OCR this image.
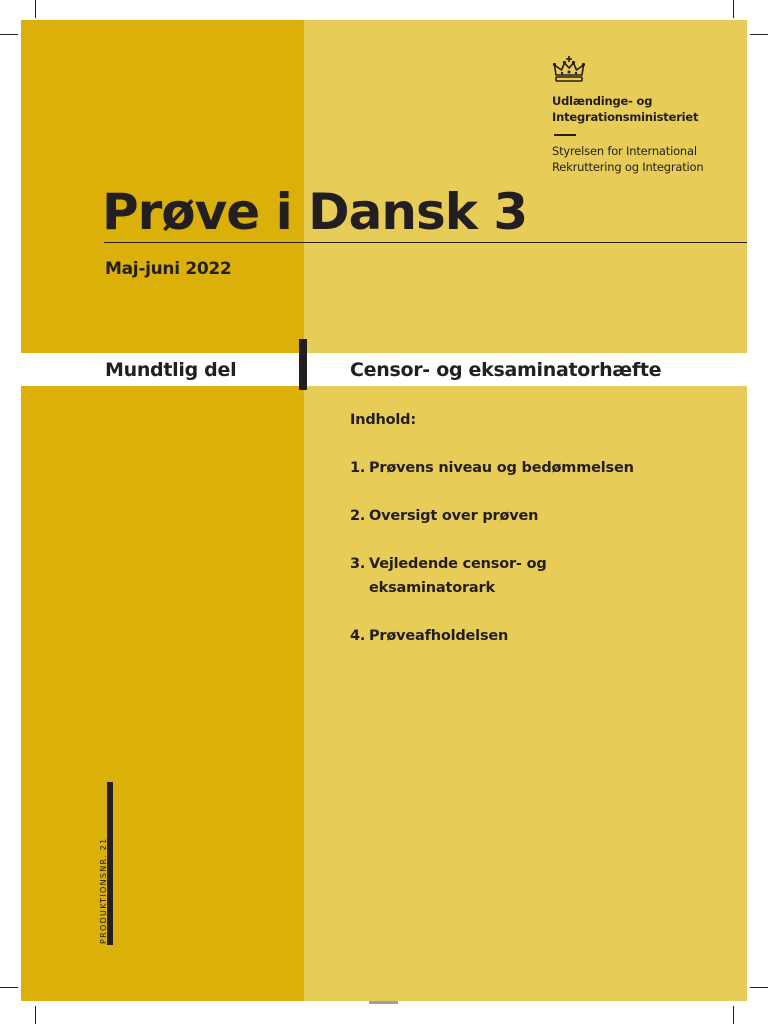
Udlændinge- og
Integrationsministeriet
Styrelsen for International
Rekruttering og Integration
Prøve i Dansk 3
Maj-juni 2022
Mundtlig del	Censor- og eksaminatorhæfte
Indhold:
1. Prøvens niveau og bedømmelsen
2. Oversigt over prøven
3. Vejledende censor- og eksaminatorark
4. Prøveafholdelsen
PRODUKTIONSNR. 21
